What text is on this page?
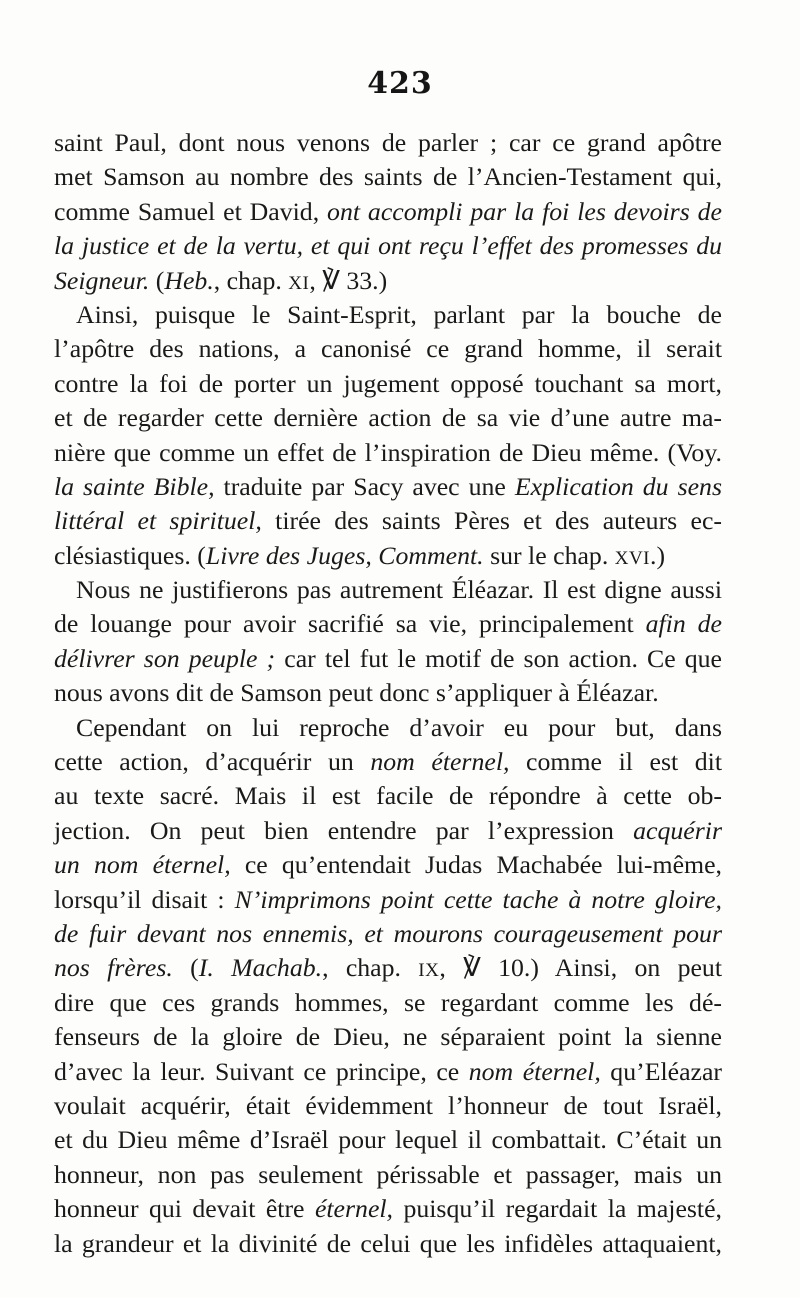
423
saint Paul, dont nous venons de parler ; car ce grand apôtre
met Samson au nombre des saints de l’Ancien-Testament qui,
comme Samuel et David, ont accompli par la foi les devoirs de
la justice et de la vertu, et qui ont reçu l’effet des promesses du
Seigneur. (Heb., chap. XI, ℣ 33.)
Ainsi, puisque le Saint-Esprit, parlant par la bouche de
l’apôtre des nations, a canonisé ce grand homme, il serait
contre la foi de porter un jugement opposé touchant sa mort,
et de regarder cette dernière action de sa vie d’une autre ma-
nière que comme un effet de l’inspiration de Dieu même. (Voy.
la sainte Bible, traduite par Sacy avec une Explication du sens
littéral et spirituel, tirée des saints Pères et des auteurs ec-
clésiastiques. (Livre des Juges, Comment. sur le chap. XVI.)
Nous ne justifierons pas autrement Éléazar. Il est digne aussi
de louange pour avoir sacrifié sa vie, principalement afin de
délivrer son peuple ; car tel fut le motif de son action. Ce que
nous avons dit de Samson peut donc s’appliquer à Éléazar.
Cependant on lui reproche d’avoir eu pour but, dans
cette action, d’acquérir un nom éternel, comme il est dit
au texte sacré. Mais il est facile de répondre à cette ob-
jection. On peut bien entendre par l’expression acquérir
un nom éternel, ce qu’entendait Judas Machabée lui-même,
lorsqu’il disait : N’imprimons point cette tache à notre gloire,
de fuir devant nos ennemis, et mourons courageusement pour
nos frères. (I. Machab., chap. IX, ℣ 10.) Ainsi, on peut
dire que ces grands hommes, se regardant comme les dé-
fenseurs de la gloire de Dieu, ne séparaient point la sienne
d’avec la leur. Suivant ce principe, ce nom éternel, qu’Eléazar
voulait acquérir, était évidemment l’honneur de tout Israël,
et du Dieu même d’Israël pour lequel il combattait. C’était un
honneur, non pas seulement périssable et passager, mais un
honneur qui devait être éternel, puisqu’il regardait la majesté,
la grandeur et la divinité de celui que les infidèles attaquaient,
